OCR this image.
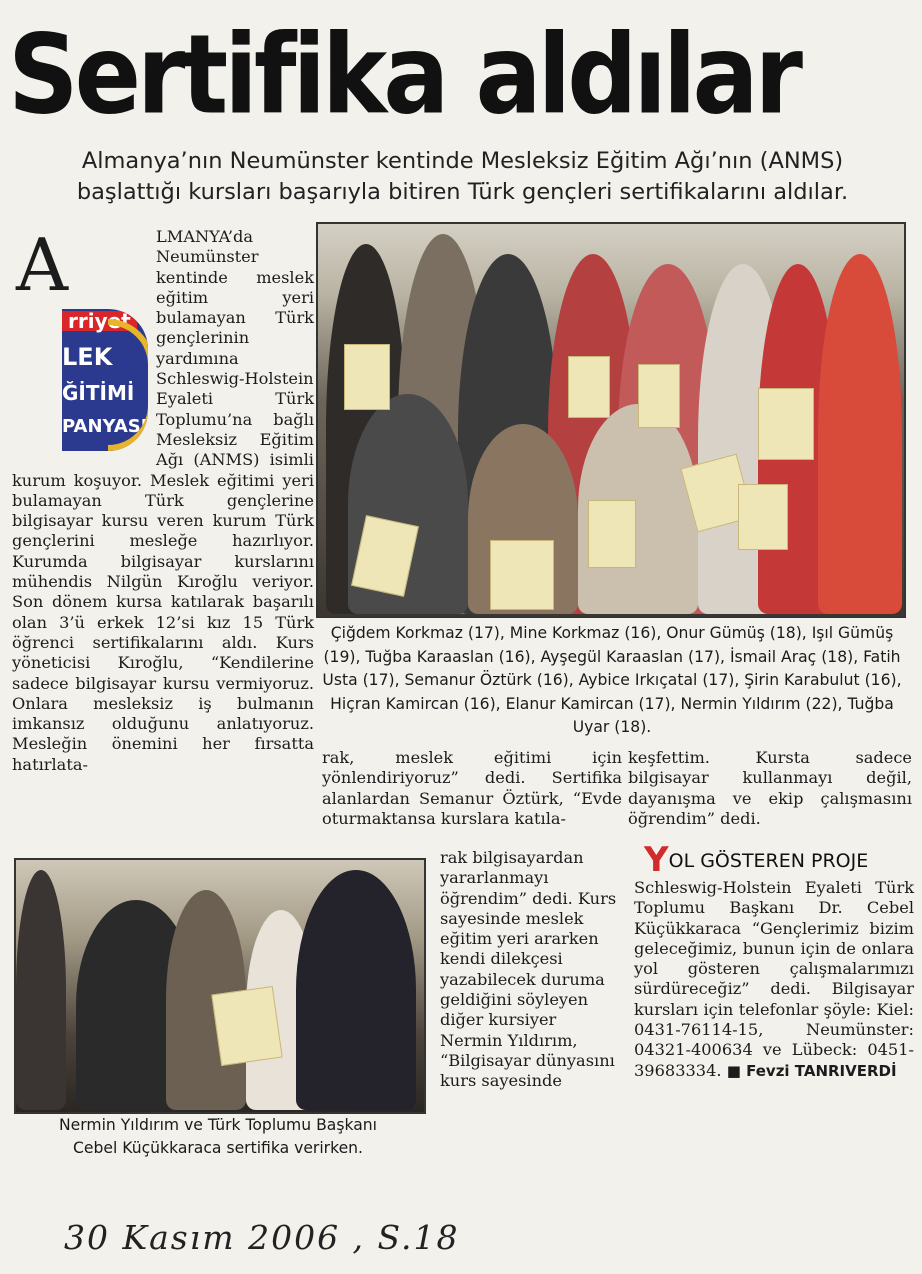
Sertifika aldılar
Almanya’nın Neumünster kentinde Mesleksiz Eğitim Ağı’nın (ANMS)
başlattığı kursları başarıyla bitiren Türk gençleri sertifikalarını aldılar.
A
rriyet
LEK
ĞİTİMİ
PANYASI
LMANYA’da Neumünster kentinde meslek eğitim yeri bulamayan Türk gençlerinin yardımına Schleswig-Holstein Eyaleti Türk Toplumu’na bağlı Mesleksiz Eğitim Ağı (ANMS) isimli kurum koşuyor. Meslek eğitimi yeri bulamayan Türk gençlerine bilgisayar kursu veren kurum Türk gençlerini mesleğe hazırlıyor. Kurumda bilgisayar kurslarını mühendis Nilgün Kıroğlu veriyor. Son dönem kursa katılarak başarılı olan 3’ü erkek 12’si kız 15 Türk öğrenci sertifikalarını aldı. Kurs yöneticisi Kıroğlu, “Kendilerine sadece bilgisayar kursu vermiyoruz. Onlara mesleksiz iş bulmanın imkansız olduğunu anlatıyoruz. Mesleğin önemini her fırsatta hatırlata-
Çiğdem Korkmaz (17), Mine Korkmaz (16), Onur Gümüş (18), Işıl Gümüş (19), Tuğba Karaaslan (16), Ayşegül Karaaslan (17), İsmail Araç (18), Fatih Usta (17), Semanur Öztürk (16), Aybice Irkıçatal (17), Şirin Karabulut (16), Hiçran Kamircan (16), Elanur Kamircan (17), Nermin Yıldırım (22), Tuğba Uyar (18).
rak, meslek eğitimi için yönlendiriyoruz” dedi. Sertifika alanlardan Semanur Öztürk, “Evde oturmaktansa kurslara katıla-
rak bilgisayardan yararlanmayı öğrendim” dedi. Kurs sayesinde meslek eğitim yeri ararken kendi dilekçesi yazabilecek duruma geldiğini söyleyen diğer kursiyer Nermin Yıldırım, “Bilgisayar dünyasını kurs sayesinde
keşfettim. Kursta sadece bilgisayar kullanmayı değil, dayanışma ve ekip çalışmasını öğrendim” dedi.
YOL GÖSTEREN PROJE
Schleswig-Holstein Eyaleti Türk Toplumu Başkanı Dr. Cebel Küçükkaraca “Gençlerimiz bizim geleceğimiz, bunun için de onlara yol gösteren çalışmalarımızı sürdüreceğiz” dedi. Bilgisayar kursları için telefonlar şöyle: Kiel: 0431-76114-15, Neumünster: 04321-400634 ve Lübeck: 0451-39683334. ■ Fevzi TANRIVERDİ
Nermin Yıldırım ve Türk Toplumu Başkanı
Cebel Küçükkaraca sertifika verirken.
30 Kasım 2006 , S.18
